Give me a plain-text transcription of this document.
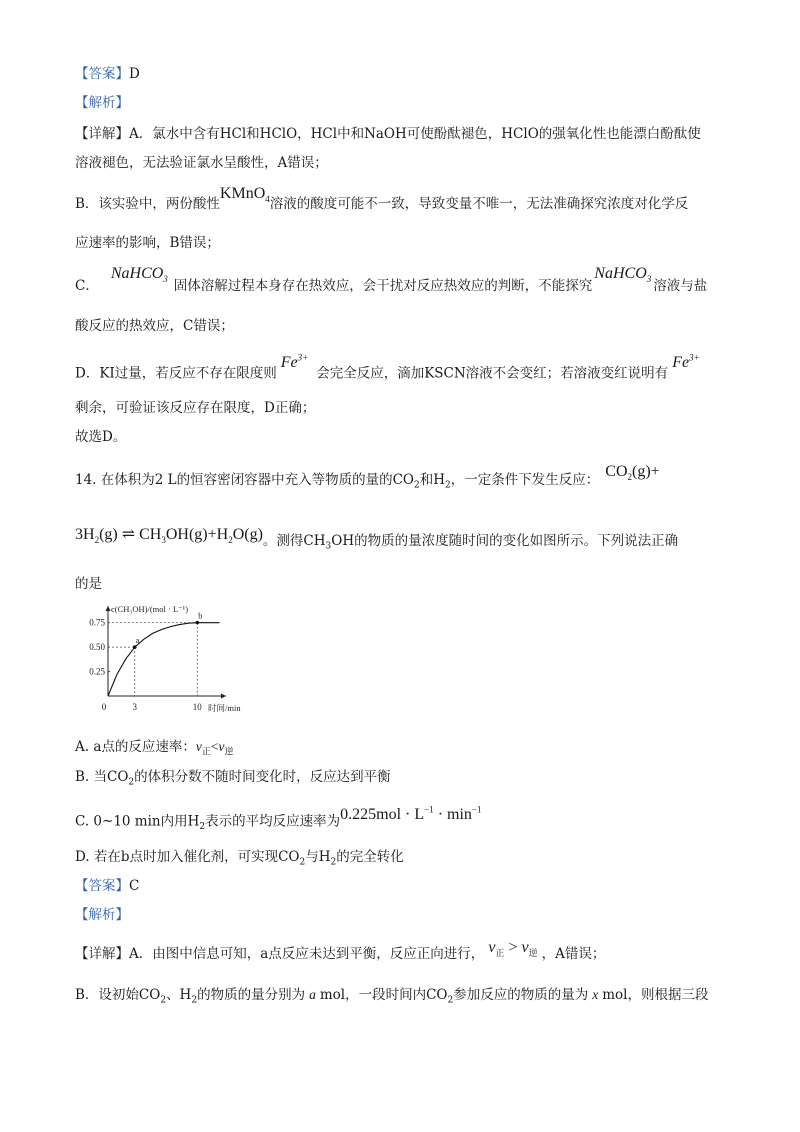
【答案】D
【解析】
【详解】A．氯水中含有HCl和HClO，HCl中和NaOH可使酚酞褪色，HClO的强氧化性也能漂白酚酞使
溶液褪色，无法验证氯水呈酸性，A错误；
B．该实验中，两份酸性KMnO$_4$溶液的酸度可能不一致，导致变量不唯一，无法准确探究浓度对化学反
应速率的影响，B错误；
C．NaHCO$_3$ 固体溶解过程本身存在热效应，会干扰对反应热效应的判断，不能探究NaHCO$_3$ 溶液与盐
酸反应的热效应，C错误；
D．KI过量，若反应不存在限度则$Fe^{3+}$会完全反应，滴加KSCN溶液不会变红；若溶液变红说明有$Fe^{3+}$
剩余，可验证该反应存在限度，D正确；
故选D。
14. 在体积为2 L的恒容密闭容器中充入等物质的量的$CO_2$和$H_2$，一定条件下发生反应： $CO_2(g)+$
$3H_2(g)$ ⇌ $CH_3OH(g)+H_2O(g)$。测得$CH_3OH$的物质的量浓度随时间的变化如图所示。下列说法正确
的是
c(CH₃OH)/(mol · L⁻¹)
时间/min
0.25
0.50
0.75
0	3	10
a
b
A. a点的反应速率：$v_正<v_逆$
B. 当$CO_2$的体积分数不随时间变化时，反应达到平衡
C. 0~10 min内用$H_2$表示的平均反应速率为$0.225mol \cdot L^{-1} \cdot \min^{-1}$
D. 若在b点时加入催化剂，可实现$CO_2$与$H_2$的完全转化
【答案】C
【解析】
【详解】A．由图中信息可知，a点反应未达到平衡，反应正向进行， $v_正 > v_逆$ ，A错误；
B．设初始$CO_2$、$H_2$的物质的量分别为 a mol，一段时间内$CO_2$参加反应的物质的量为 x mol，则根据三段
